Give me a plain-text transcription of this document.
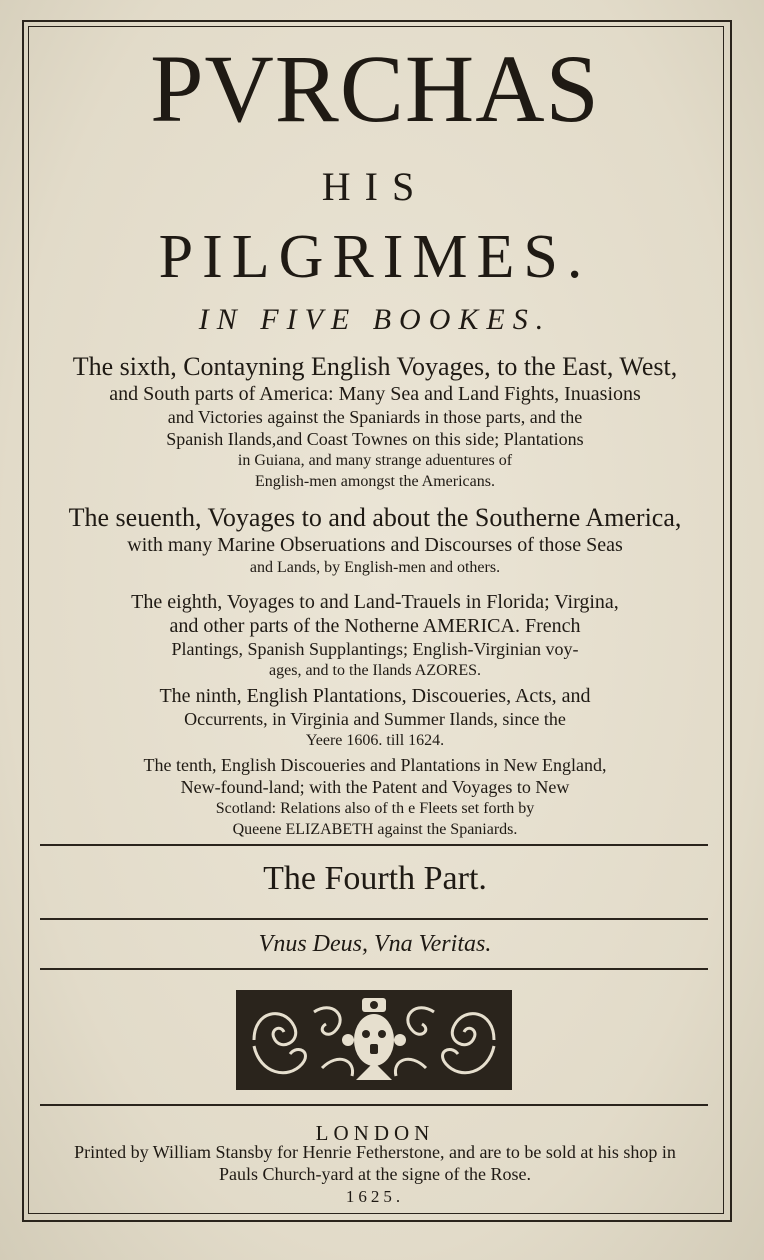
PVRCHAS
HIS
PILGRIMES.
IN FIVE BOOKES.
The sixth, Contayning English Voyages, to the East, West,
and South parts of America: Many Sea and Land Fights, Inuasions
and Victories against the Spaniards in those parts, and the
Spanish Ilands,and Coast Townes on this side; Plantations
in Guiana, and many strange aduentures of
English-men amongst the Americans.
The seuenth, Voyages to and about the Southerne America,
with many Marine Obseruations and Discourses of those Seas
and Lands, by English-men and others.
The eighth, Voyages to and Land-Trauels in Florida; Virgina,
and other parts of the Notherne AMERICA. French
Plantings, Spanish Supplantings; English-Virginian voy-
ages, and to the Ilands AZORES.
The ninth, English Plantations, Discoueries, Acts, and
Occurrents, in Virginia and Summer Ilands, since the
Yeere 1606. till 1624.
The tenth, English Discoueries and Plantations in New England,
New-found-land; with the Patent and Voyages to New
Scotland: Relations also of th e Fleets set forth by
Queene ELIZABETH against the Spaniards.
The Fourth Part.
Vnus Deus, Vna Veritas.
LONDON
Printed by William Stansby for Henrie Fetherstone, and are to be sold at his shop in
Pauls Church-yard at the signe of the Rose.
1625.
